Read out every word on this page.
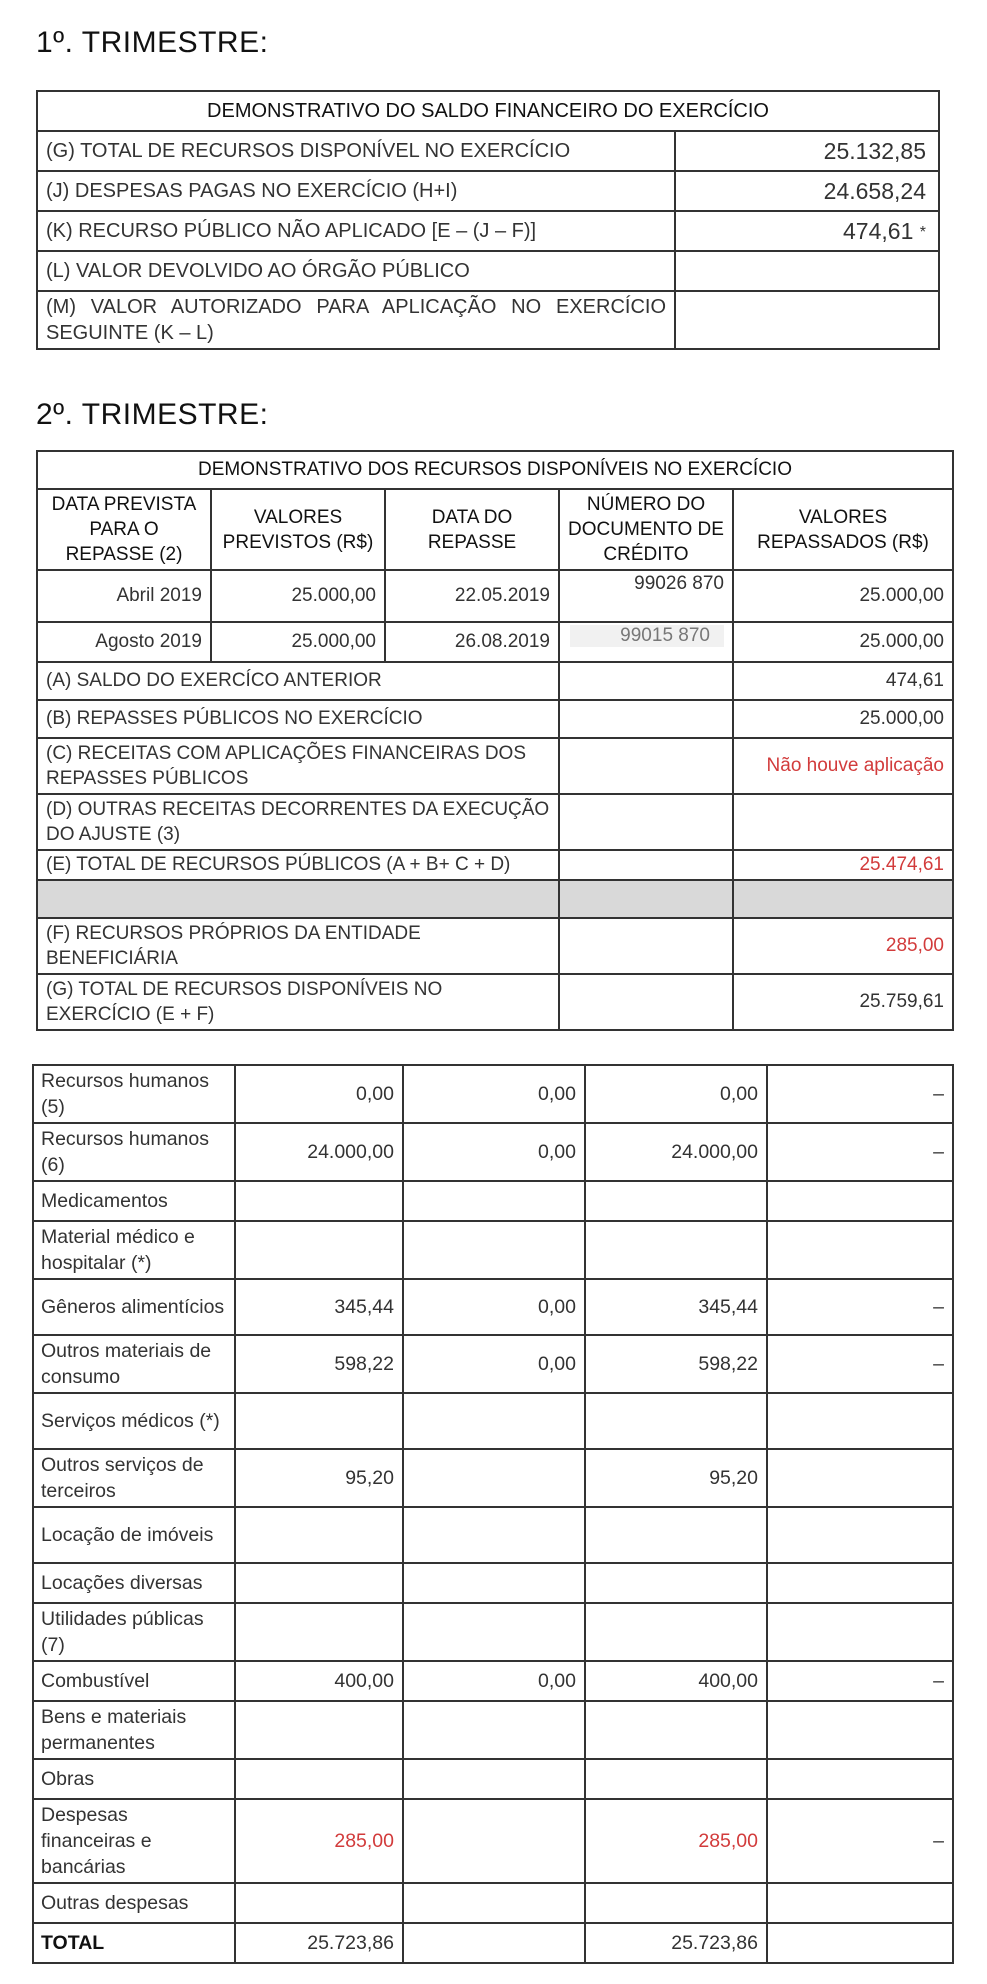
1º. TRIMESTRE:
DEMONSTRATIVO DO SALDO FINANCEIRO DO EXERCÍCIO	
(G) TOTAL DE RECURSOS DISPONÍVEL NO EXERCÍCIO	25.132,85
(J) DESPESAS PAGAS NO EXERCÍCIO (H+I)	24.658,24
(K) RECURSO PÚBLICO NÃO APLICADO [E – (J – F)]	474,61 *
(L) VALOR DEVOLVIDO AO ÓRGÃO PÚBLICO	
(M) VALOR AUTORIZADO PARA APLICAÇÃO NO EXERCÍCIO SEGUINTE (K – L)	
2º. TRIMESTRE:
DEMONSTRATIVO DOS RECURSOS DISPONÍVEIS NO EXERCÍCIO				
DATA PREVISTA PARA O REPASSE (2)	VALORES PREVISTOS (R$)	DATA DO REPASSE	NÚMERO DO DOCUMENTO DE CRÉDITO	VALORES REPASSADOS (R$)
Abril 2019	25.000,00	22.05.2019	99026 870	25.000,00
Agosto 2019	25.000,00	26.08.2019	99015 870	25.000,00
(A) SALDO DO EXERCÍCO ANTERIOR				474,61
(B) REPASSES PÚBLICOS NO EXERCÍCIO				25.000,00
(C) RECEITAS COM APLICAÇÕES FINANCEIRAS DOS REPASSES PÚBLICOS				Não houve aplicação
(D) OUTRAS RECEITAS DECORRENTES DA EXECUÇÃO DO AJUSTE (3)				
(E) TOTAL DE RECURSOS PÚBLICOS (A + B+ C + D)				25.474,61

(F) RECURSOS PRÓPRIOS DA ENTIDADE BENEFICIÁRIA				285,00
(G) TOTAL DE RECURSOS DISPONÍVEIS NO EXERCÍCIO (E + F)				25.759,61
Recursos humanos (5)	0,00	0,00	0,00	–
Recursos humanos (6)	24.000,00	0,00	24.000,00	–
Medicamentos				
Material médico e hospitalar (*)				
Gêneros alimentícios	345,44	0,00	345,44	–
Outros materiais de consumo	598,22	0,00	598,22	–
Serviços médicos (*)				
Outros serviços de terceiros	95,20		95,20	
Locação de imóveis				
Locações diversas				
Utilidades públicas (7)				
Combustível	400,00	0,00	400,00	–
Bens e materiais permanentes				
Obras				
Despesas financeiras e bancárias	285,00		285,00	–
Outras despesas				
TOTAL	25.723,86		25.723,86	
